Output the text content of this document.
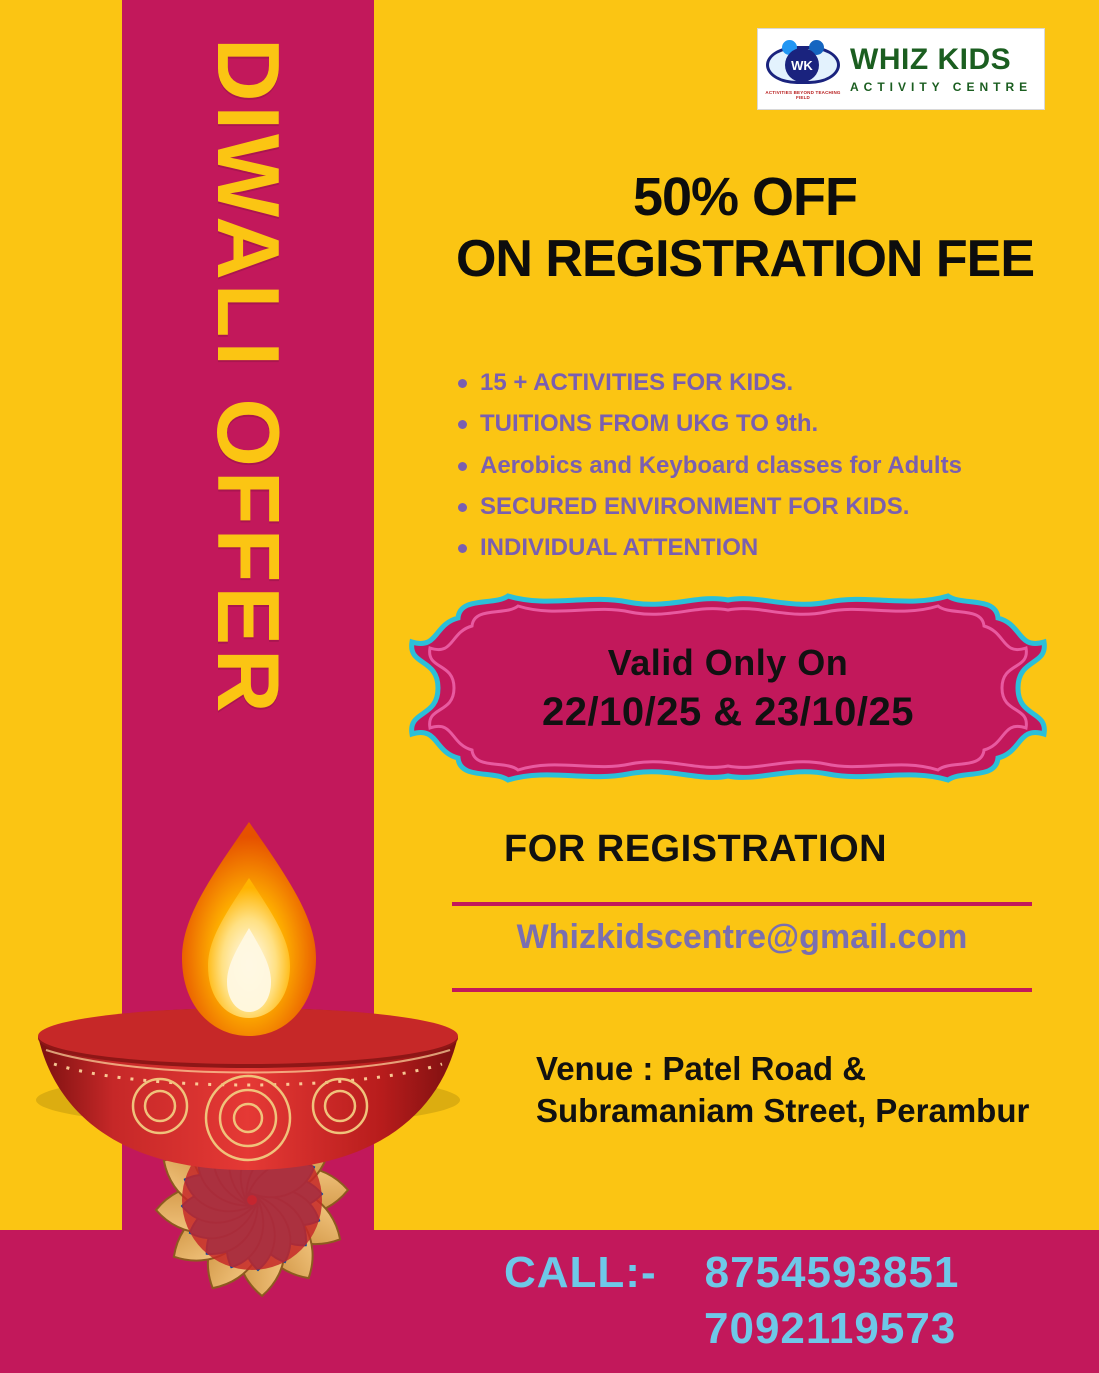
DIWALI OFFER	WK
ACTIVITIES BEYOND TEACHING FIELD
WHIZ KIDS
ACTIVITY CENTRE
50% OFF
ON REGISTRATION FEE
15 + ACTIVITIES FOR KIDS.
TUITIONS FROM UKG TO 9th.
Aerobics and Keyboard classes for Adults
SECURED ENVIRONMENT FOR KIDS.
INDIVIDUAL ATTENTION
Valid Only On
22/10/25 & 23/10/25
FOR REGISTRATION
Whizkidscentre@gmail.com
Venue : Patel Road & Subramaniam Street, Perambur
CALL:- 8754593851
7092119573
